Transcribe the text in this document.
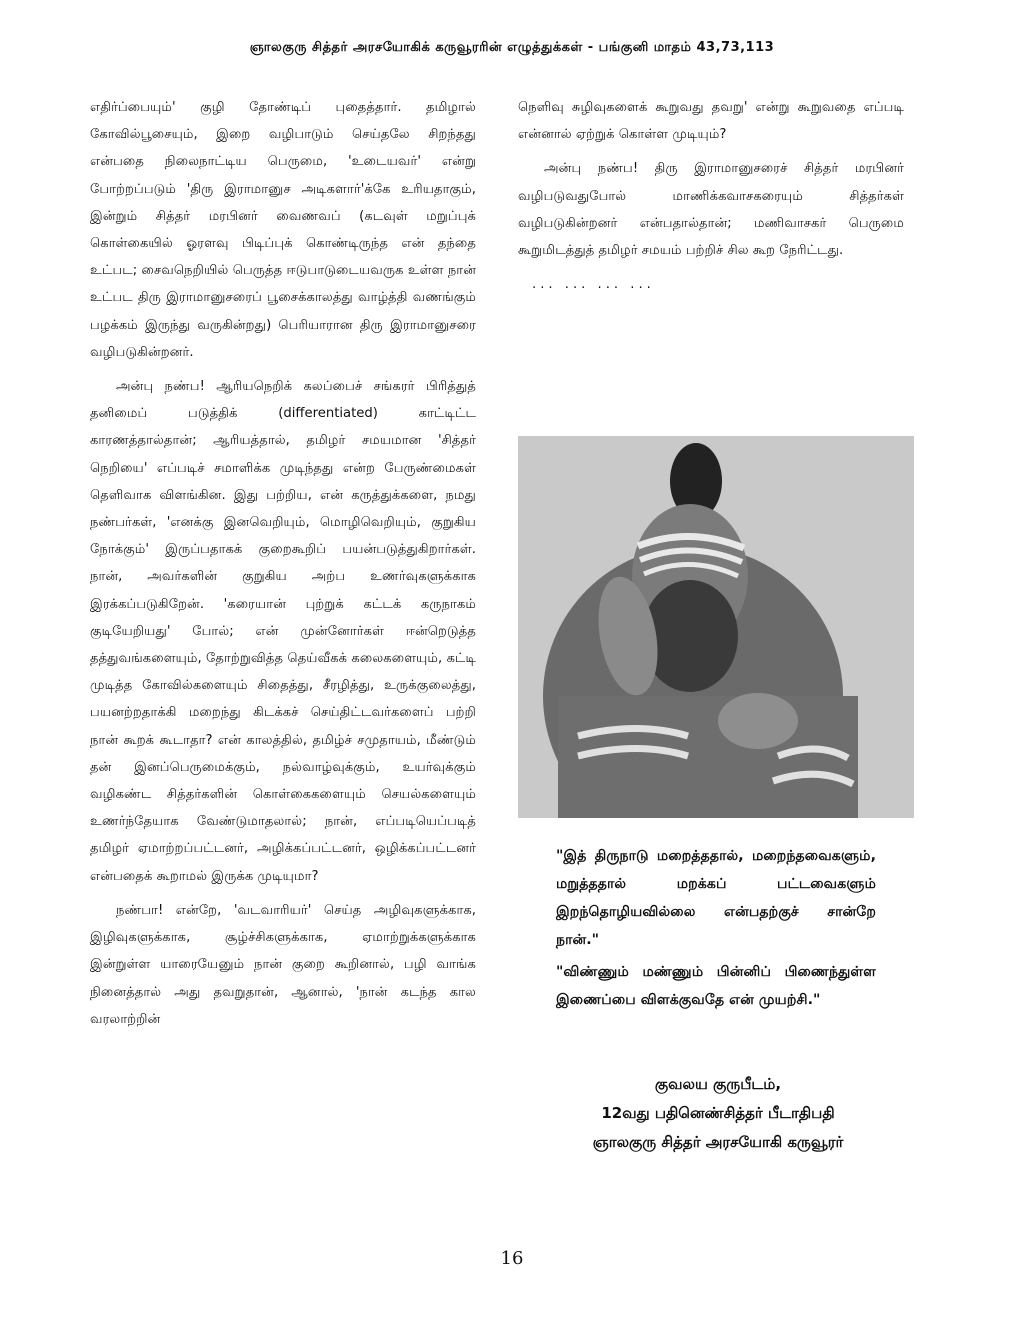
ஞாலகுரு சித்தர் அரசயோகிக் கருவூரரின் எழுத்துக்கள் - பங்குனி மாதம் 43,73,113

எதிர்ப்பையும்' குழி தோண்டிப் புதைத்தார். தமிழால் கோவில்பூசையும், இறை வழிபாடும் செய்தலே சிறந்தது என்பதை நிலைநாட்டிய பெருமை, 'உடையவர்' என்று போற்றப்படும் 'திரு இராமானுச அடிகளார்'க்கே உரியதாகும், இன்றும் சித்தர் மரபினர் வைணவப் (கடவுள் மறுப்புக் கொள்கையில் ஓரளவு பிடிப்புக் கொண்டிருந்த என் தந்தை உட்பட; சைவநெறியில் பெருத்த ஈடுபாடுடையவருக உள்ள நான் உட்பட திரு இராமானுசரைப் பூசைக்காலத்து வாழ்த்தி வணங்கும் பழக்கம் இருந்து வருகின்றது) பெரியாரான திரு இராமானுசரை வழிபடுகின்றனர்.

அன்பு நண்ப! ஆரியநெறிக் கலப்பைச் சங்கரர் பிரித்துத் தனிமைப் படுத்திக் (differentiated) காட்டிட்ட காரணத்தால்தான்; ஆரியத்தால், தமிழர் சமயமான 'சித்தர் நெறியை' எப்படிச் சமாளிக்க முடிந்தது என்ற பேருண்மைகள் தெளிவாக விளங்கின. இது பற்றிய, என் கருத்துக்களை, நமது நண்பர்கள், 'எனக்கு இனவெறியும், மொழிவெறியும், குறுகிய நோக்கும்' இருப்பதாகக் குறைகூறிப் பயன்படுத்துகிறார்கள். நான், அவர்களின் குறுகிய அற்ப உணர்வுகளுக்காக இரக்கப்படுகிறேன். 'கரையான் புற்றுக் கட்டக் கருநாகம் குடியேறியது' போல்; என் முன்னோர்கள் ஈன்றெடுத்த தத்துவங்களையும், தோற்றுவித்த தெய்வீகக் கலைகளையும், கட்டி முடித்த கோவில்களையும் சிதைத்து, சீரழித்து, உருக்குலைத்து, பயனற்றதாக்கி மறைந்து கிடக்கச் செய்திட்டவர்களைப் பற்றி நான் கூறக் கூடாதா? என் காலத்தில், தமிழ்ச் சமுதாயம், மீண்டும் தன் இனப்பெருமைக்கும், நல்வாழ்வுக்கும், உயர்வுக்கும் வழிகண்ட சித்தர்களின் கொள்கைகளையும் செயல்களையும் உணர்ந்தேயாக வேண்டுமாதலால்; நான், எப்படியெப்படித் தமிழர் ஏமாற்றப்பட்டனர், அழிக்கப்பட்டனர், ஒழிக்கப்பட்டனர் என்பதைக் கூறாமல் இருக்க முடியுமா?

நண்பா! என்றே, 'வடவாரியர்' செய்த அழிவுகளுக்காக, இழிவுகளுக்காக, சூழ்ச்சிகளுக்காக, ஏமாற்றுக்களுக்காக இன்றுள்ள யாரையேனும் நான் குறை கூறினால், பழி வாங்க நினைத்தால் அது தவறுதான், ஆனால், 'நான் கடந்த கால வரலாற்றின்

நெளிவு சுழிவுகளைக் கூறுவது தவறு' என்று கூறுவதை எப்படி என்னால் ஏற்றுக் கொள்ள முடியும்?

அன்பு நண்ப! திரு இராமானுசரைச் சித்தர் மரபினர் வழிபடுவதுபோல் மாணிக்கவாசகரையும் சித்தர்கள் வழிபடுகின்றனர் என்பதால்தான்; மணிவாசகர் பெருமை கூறுமிடத்துத் தமிழர் சமயம் பற்றிச் சில கூற நேரிட்டது.

... ... ... ...
"இத் திருநாடு மறைத்ததால், மறைந்தவைகளும், மறுத்ததால் மறக்கப் பட்டவைகளும் இறந்தொழியவில்லை என்பதற்குச் சான்றே நான்."
"விண்ணும் மண்ணும் பின்னிப் பிணைந்துள்ள இணைப்பை விளக்குவதே என் முயற்சி."
குவலய குருபீடம்,
12வது பதினெண்சித்தர் பீடாதிபதி
ஞாலகுரு சித்தர் அரசயோகி கருவூரர்
16
